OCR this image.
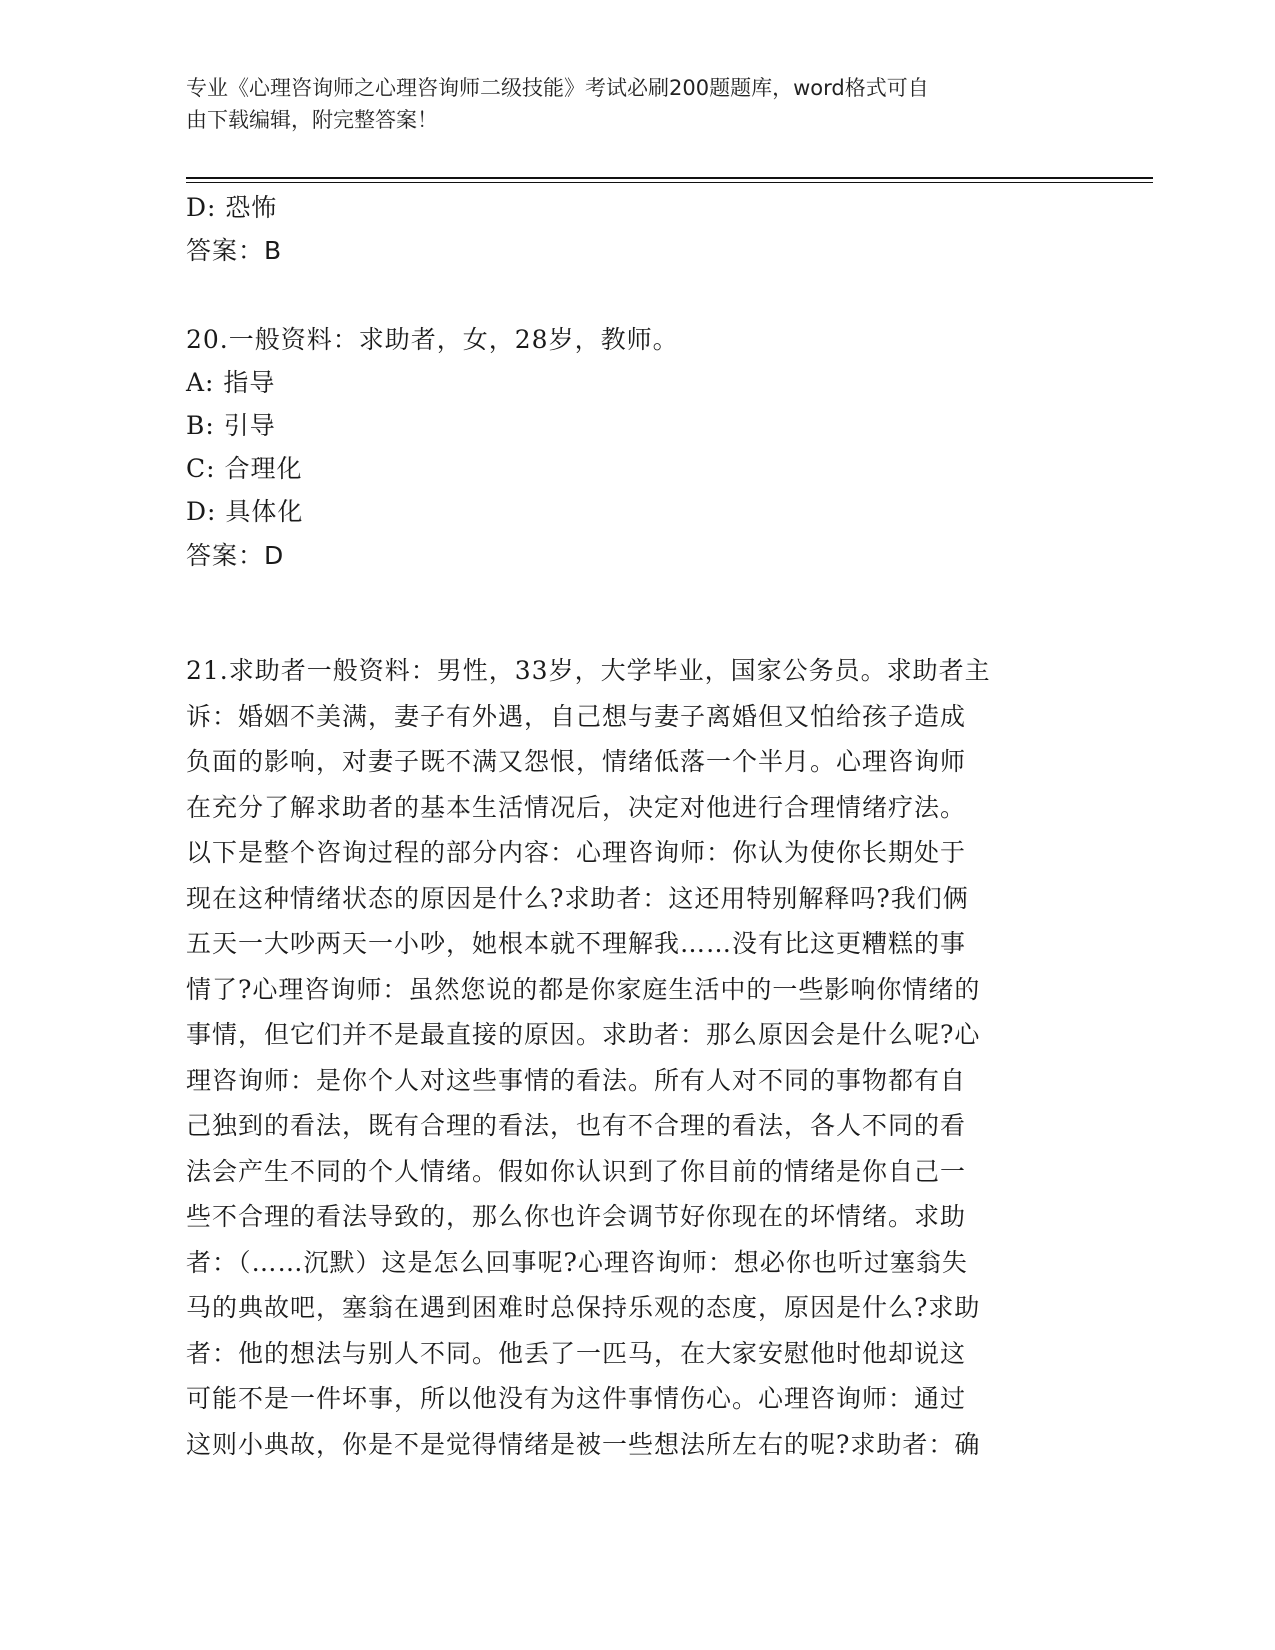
专业《心理咨询师之心理咨询师二级技能》考试必刷200题题库，word格式可自
由下载编辑，附完整答案！
D: 恐怖
答案：B
20.一般资料：求助者，女，28岁，教师。
A: 指导
B: 引导
C: 合理化
D: 具体化
答案：D
21.求助者一般资料：男性，33岁，大学毕业，国家公务员。求助者主
诉：婚姻不美满，妻子有外遇，自己想与妻子离婚但又怕给孩子造成
负面的影响，对妻子既不满又怨恨，情绪低落一个半月。心理咨询师
在充分了解求助者的基本生活情况后，决定对他进行合理情绪疗法。
以下是整个咨询过程的部分内容：心理咨询师：你认为使你长期处于
现在这种情绪状态的原因是什么?求助者：这还用特别解释吗?我们俩
五天一大吵两天一小吵，她根本就不理解我……没有比这更糟糕的事
情了?心理咨询师：虽然您说的都是你家庭生活中的一些影响你情绪的
事情，但它们并不是最直接的原因。求助者：那么原因会是什么呢?心
理咨询师：是你个人对这些事情的看法。所有人对不同的事物都有自
己独到的看法，既有合理的看法，也有不合理的看法，各人不同的看
法会产生不同的个人情绪。假如你认识到了你目前的情绪是你自己一
些不合理的看法导致的，那么你也许会调节好你现在的坏情绪。求助
者：（……沉默）这是怎么回事呢?心理咨询师：想必你也听过塞翁失
马的典故吧，塞翁在遇到困难时总保持乐观的态度，原因是什么?求助
者：他的想法与别人不同。他丢了一匹马，在大家安慰他时他却说这
可能不是一件坏事，所以他没有为这件事情伤心。心理咨询师：通过
这则小典故，你是不是觉得情绪是被一些想法所左右的呢?求助者：确
